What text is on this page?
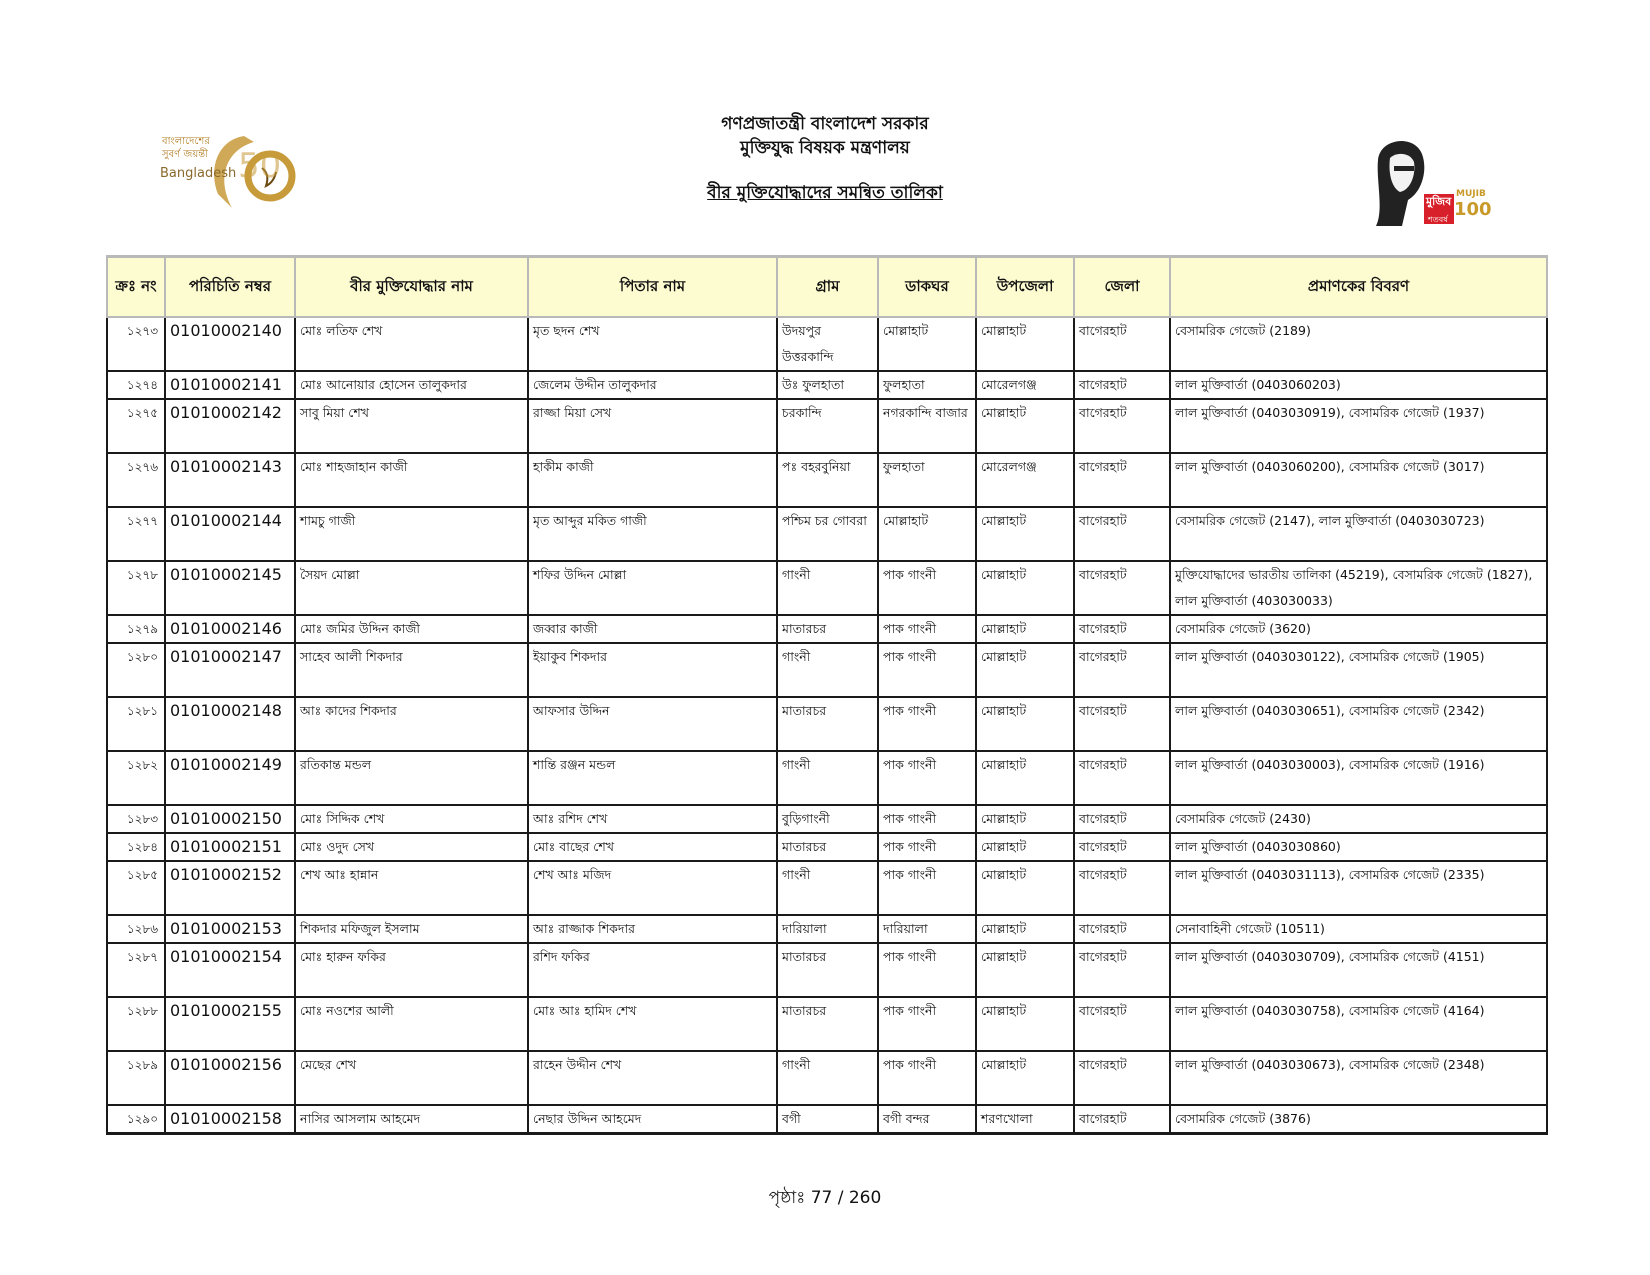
বাংলাদেশের
সুবর্ণ জয়ন্তী
Bangladesh 50
MUJIB
100
মুজিব
শতবর্ষ
গণপ্রজাতন্ত্রী বাংলাদেশ সরকার
মুক্তিযুদ্ধ বিষয়ক মন্ত্রণালয়
বীর মুক্তিযোদ্ধাদের সমন্বিত তালিকা
ক্রঃ নং	পরিচিতি নম্বর	বীর মুক্তিযোদ্ধার নাম	পিতার নাম	গ্রাম	ডাকঘর	উপজেলা	জেলা	প্রমাণকের বিবরণ
১২৭৩	01010002140	মোঃ লতিফ শেখ	মৃত ছদন শেখ	উদয়পুর উত্তরকান্দি	মোল্লাহাট	মোল্লাহাট	বাগেরহাট	বেসামরিক গেজেট (2189)
১২৭৪	01010002141	মোঃ আনোয়ার হোসেন তালুকদার	জেলেম উদ্দীন তালুকদার	উঃ ফুলহাতা	ফুলহাতা	মোরেলগঞ্জ	বাগেরহাট	লাল মুক্তিবার্তা (0403060203)
১২৭৫	01010002142	সাবু মিয়া শেখ	রাজ্জা মিয়া সেখ	চরকান্দি	নগরকান্দি বাজার	মোল্লাহাট	বাগেরহাট	লাল মুক্তিবার্তা (0403030919), বেসামরিক গেজেট (1937)
১২৭৬	01010002143	মোঃ শাহজাহান কাজী	হাকীম কাজী	পঃ বহরবুনিয়া	ফুলহাতা	মোরেলগঞ্জ	বাগেরহাট	লাল মুক্তিবার্তা (0403060200), বেসামরিক গেজেট (3017)
১২৭৭	01010002144	শামচু গাজী	মৃত আব্দুর মকিত গাজী	পশ্চিম চর গোবরা	মোল্লাহাট	মোল্লাহাট	বাগেরহাট	বেসামরিক গেজেট (2147), লাল মুক্তিবার্তা (0403030723)
১২৭৮	01010002145	সৈয়দ মোল্লা	শফির উদ্দিন মোল্লা	গাংনী	পাক গাংনী	মোল্লাহাট	বাগেরহাট	মুক্তিযোদ্ধাদের ভারতীয় তালিকা (45219), বেসামরিক গেজেট (1827), লাল মুক্তিবার্তা (403030033)
১২৭৯	01010002146	মোঃ জমির উদ্দিন কাজী	জব্বার কাজী	মাতারচর	পাক গাংনী	মোল্লাহাট	বাগেরহাট	বেসামরিক গেজেট (3620)
১২৮০	01010002147	সাহেব আলী শিকদার	ইয়াকুব শিকদার	গাংনী	পাক গাংনী	মোল্লাহাট	বাগেরহাট	লাল মুক্তিবার্তা (0403030122), বেসামরিক গেজেট (1905)
১২৮১	01010002148	আঃ কাদের শিকদার	আফসার উদ্দিন	মাতারচর	পাক গাংনী	মোল্লাহাট	বাগেরহাট	লাল মুক্তিবার্তা (0403030651), বেসামরিক গেজেট (2342)
১২৮২	01010002149	রতিকান্ত মন্ডল	শান্তি রঞ্জন মন্ডল	গাংনী	পাক গাংনী	মোল্লাহাট	বাগেরহাট	লাল মুক্তিবার্তা (0403030003), বেসামরিক গেজেট (1916)
১২৮৩	01010002150	মোঃ সিদ্দিক শেখ	আঃ রশিদ শেখ	বুড়িগাংনী	পাক গাংনী	মোল্লাহাট	বাগেরহাট	বেসামরিক গেজেট (2430)
১২৮৪	01010002151	মোঃ ওদুদ সেখ	মোঃ বাছের শেখ	মাতারচর	পাক গাংনী	মোল্লাহাট	বাগেরহাট	লাল মুক্তিবার্তা (0403030860)
১২৮৫	01010002152	শেখ আঃ হান্নান	শেখ আঃ মজিদ	গাংনী	পাক গাংনী	মোল্লাহাট	বাগেরহাট	লাল মুক্তিবার্তা (0403031113), বেসামরিক গেজেট (2335)
১২৮৬	01010002153	শিকদার মফিজুল ইসলাম	আঃ রাজ্জাক শিকদার	দারিয়ালা	দারিয়ালা	মোল্লাহাট	বাগেরহাট	সেনাবাহিনী গেজেট (10511)
১২৮৭	01010002154	মোঃ হারুন ফকির	রশিদ ফকির	মাতারচর	পাক গাংনী	মোল্লাহাট	বাগেরহাট	লাল মুক্তিবার্তা (0403030709), বেসামরিক গেজেট (4151)
১২৮৮	01010002155	মোঃ নওশের আলী	মোঃ আঃ হামিদ শেখ	মাতারচর	পাক গাংনী	মোল্লাহাট	বাগেরহাট	লাল মুক্তিবার্তা (0403030758), বেসামরিক গেজেট (4164)
১২৮৯	01010002156	মেছের শেখ	রাহেন উদ্দীন শেখ	গাংনী	পাক গাংনী	মোল্লাহাট	বাগেরহাট	লাল মুক্তিবার্তা (0403030673), বেসামরিক গেজেট (2348)
১২৯০	01010002158	নাসির আসলাম আহমেদ	নেছার উদ্দিন আহমেদ	বগী	বগী বন্দর	শরণখোলা	বাগেরহাট	বেসামরিক গেজেট (3876)
পৃষ্ঠাঃ 77 / 260
